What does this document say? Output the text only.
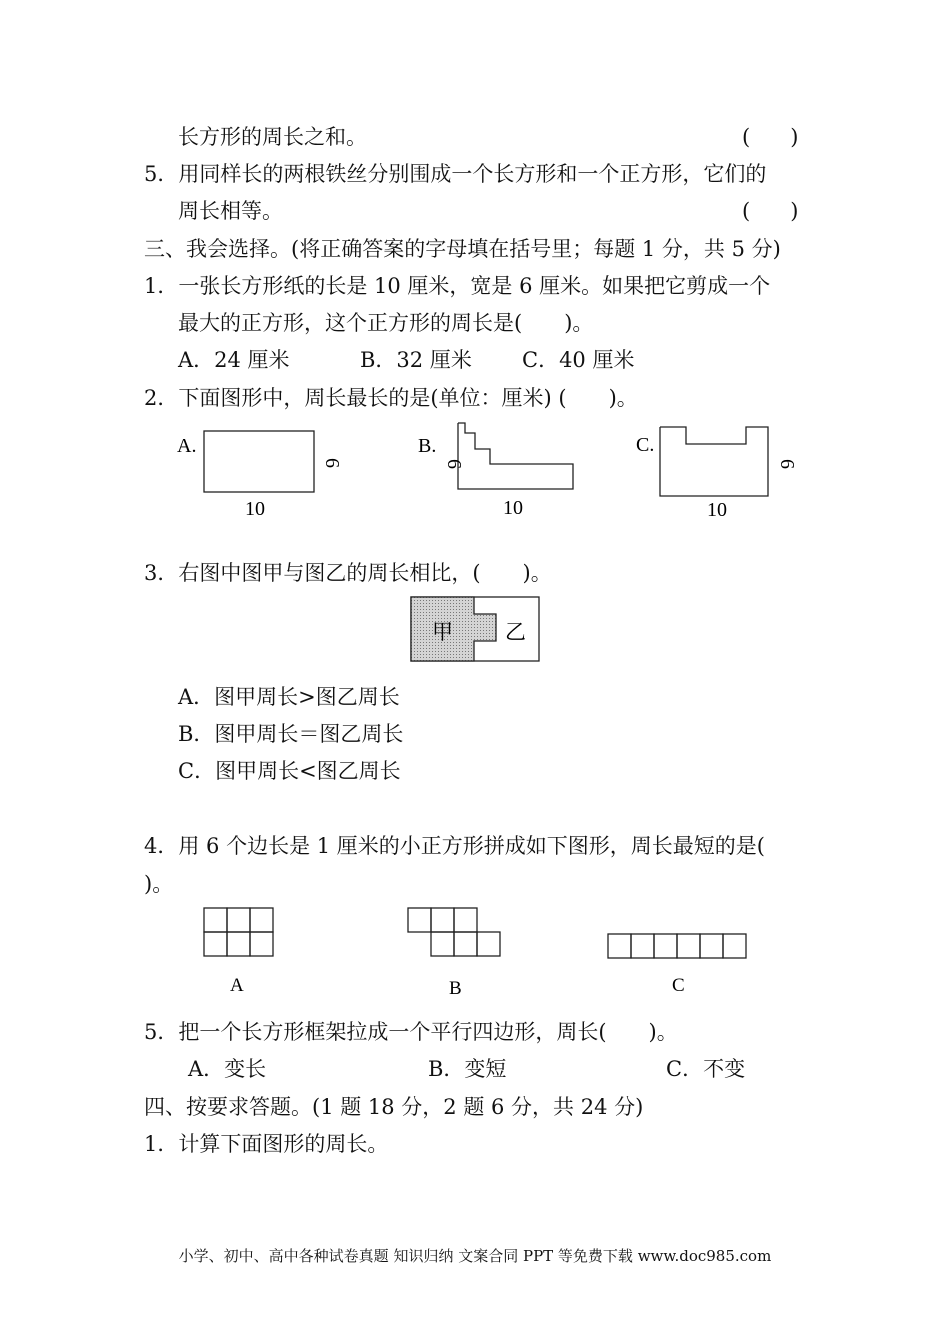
长方形的周长之和。	(      )
5．用同样长的两根铁丝分别围成一个长方形和一个正方形，它们的
周长相等。	(      )
三、我会选择。(将正确答案的字母填在括号里；每题 1 分，共 5 分)
1．一张长方形纸的长是 10 厘米，宽是 6 厘米。如果把它剪成一个
最大的正方形，这个正方形的周长是(　　)。
A．24 厘米	B．32 厘米 C．40 厘米
2．下面图形中，周长最长的是(单位：厘米) (　　)。
A.
10
6
B.
10
6
C.
10
6
甲 乙
A	B	C
3．右图中图甲与图乙的周长相比，(　　)。
A．图甲周长>图乙周长
B．图甲周长＝图乙周长
C．图甲周长<图乙周长
4．用 6 个边长是 1 厘米的小正方形拼成如下图形，周长最短的是(
)。
5．把一个长方形框架拉成一个平行四边形，周长(　　)。
A．变长	B．变短	C．不变
四、按要求答题。(1 题 18 分，2 题 6 分，共 24 分)
1．计算下面图形的周长。
小学、初中、高中各种试卷真题 知识归纳 文案合同 PPT 等免费下载 www.doc985.com
